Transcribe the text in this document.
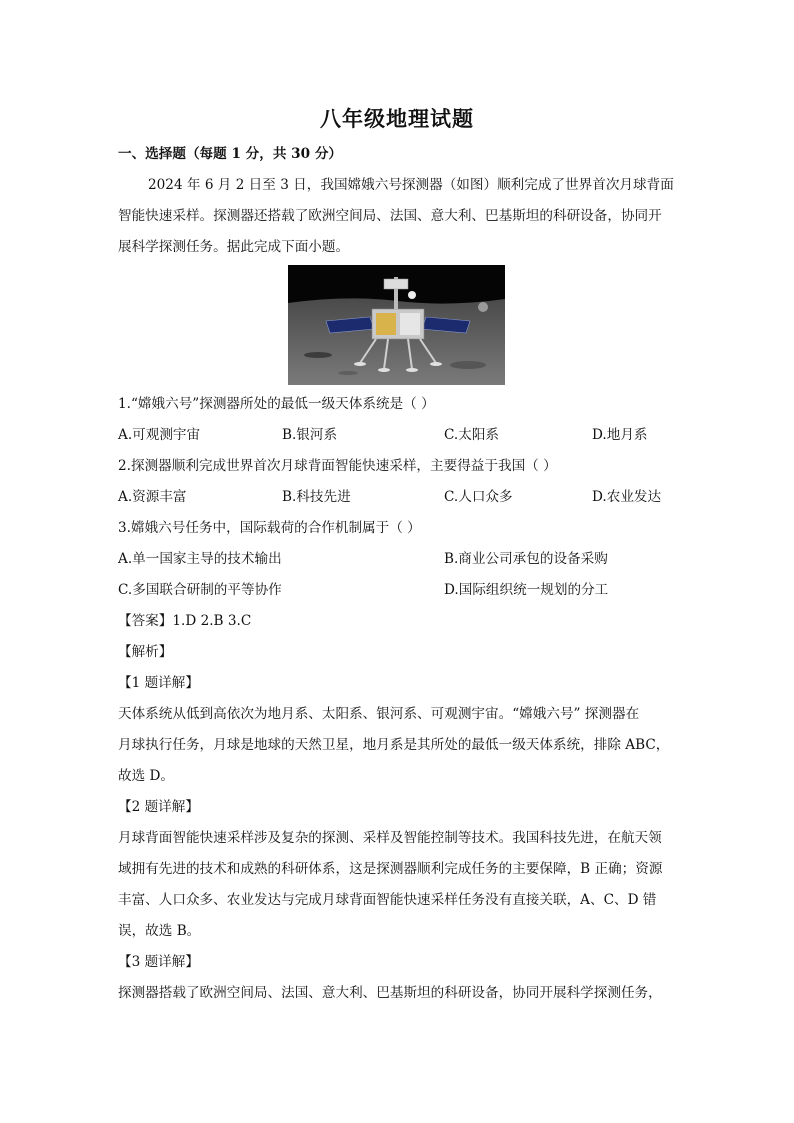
八年级地理试题
一、选择题（每题 1 分，共 30 分）
2024 年 6 月 2 日至 3 日，我国嫦娥六号探测器（如图）顺利完成了世界首次月球背面
智能快速采样。探测器还搭载了欧洲空间局、法国、意大利、巴基斯坦的科研设备，协同开
展科学探测任务。据此完成下面小题。
1.“嫦娥六号”探测器所处的最低一级天体系统是（ ）
A.可观测宇宙	B.银河系	C.太阳系	D.地月系
2.探测器顺利完成世界首次月球背面智能快速采样，主要得益于我国（ ）
A.资源丰富	B.科技先进	C.人口众多	D.农业发达
3.嫦娥六号任务中，国际载荷的合作机制属于（ ）
A.单一国家主导的技术输出	B.商业公司承包的设备采购
C.多国联合研制的平等协作	D.国际组织统一规划的分工
【答案】1.D 2.B 3.C
【解析】
【1 题详解】
天体系统从低到高依次为地月系、太阳系、银河系、可观测宇宙。“嫦娥六号” 探测器在
月球执行任务，月球是地球的天然卫星，地月系是其所处的最低一级天体系统，排除 ABC，
故选 D。
【2 题详解】
月球背面智能快速采样涉及复杂的探测、采样及智能控制等技术。我国科技先进，在航天领
域拥有先进的技术和成熟的科研体系，这是探测器顺利完成任务的主要保障，B 正确；资源
丰富、人口众多、农业发达与完成月球背面智能快速采样任务没有直接关联，A、C、D 错
误，故选 B。
【3 题详解】
探测器搭载了欧洲空间局、法国、意大利、巴基斯坦的科研设备，协同开展科学探测任务，
